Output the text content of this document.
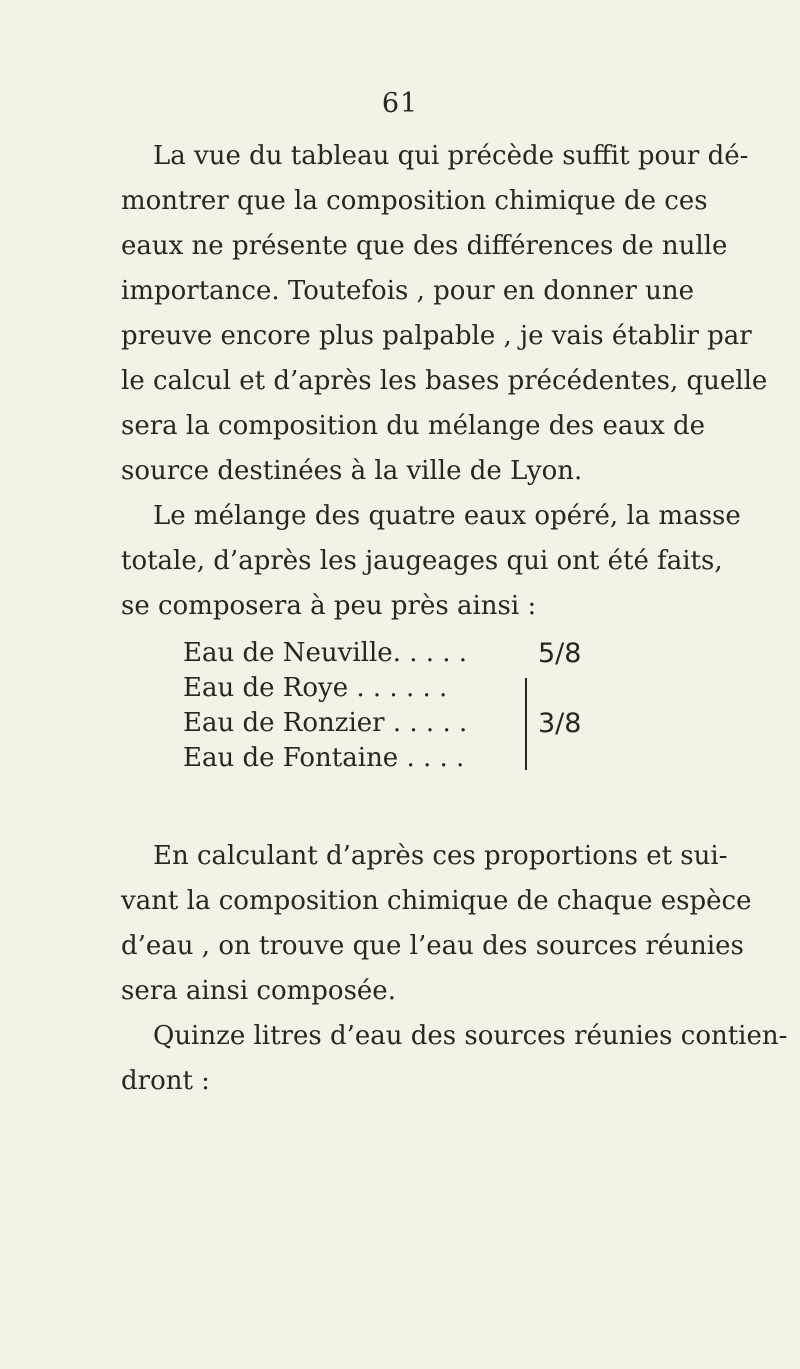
61
La vue du tableau qui précède suffit pour dé-
montrer que la composition chimique de ces
eaux ne présente que des différences de nulle
importance. Toutefois , pour en donner une
preuve encore plus palpable , je vais établir par
le calcul et d’après les bases précédentes, quelle
sera la composition du mélange des eaux de
source destinées à la ville de Lyon.
Le mélange des quatre eaux opéré, la masse
totale, d’après les jaugeages qui ont été faits,
se composera à peu près ainsi :
Eau de Neuville. . . . .
Eau de Roye . . . . . .
Eau de Ronzier . . . . .
Eau de Fontaine . . . .
5/8
3/8
En calculant d’après ces proportions et sui-
vant la composition chimique de chaque espèce
d’eau , on trouve que l’eau des sources réunies
sera ainsi composée.
Quinze litres d’eau des sources réunies contien-
dront :
